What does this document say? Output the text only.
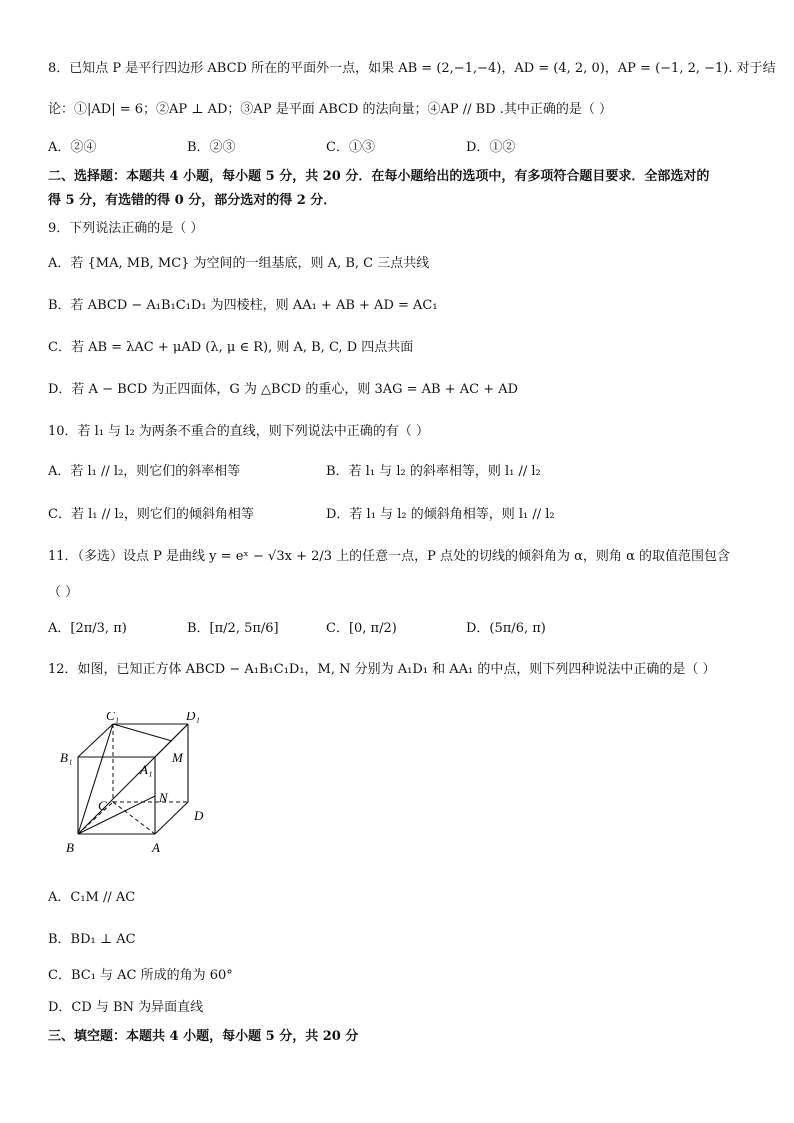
8．已知点 P 是平行四边形 ABCD 所在的平面外一点，如果 AB = (2,−1,−4)，AD = (4, 2, 0)，AP = (−1, 2, −1). 对于结
论：①|AD| = 6；②AP ⊥ AD；③AP 是平面 ABCD 的法向量；④AP // BD .其中正确的是（ ）
A．②④	B．②③	C．①③	D．①②
二、选择题：本题共 4 小题，每小题 5 分，共 20 分．在每小题给出的选项中，有多项符合题目要求．全部选对的
得 5 分，有选错的得 0 分，部分选对的得 2 分．
9．下列说法正确的是（ ）
A．若 {MA, MB, MC} 为空间的一组基底，则 A, B, C 三点共线
B．若 ABCD − A₁B₁C₁D₁ 为四棱柱，则 AA₁ + AB + AD = AC₁
C．若 AB = λAC + μAD (λ, μ ∈ R), 则 A, B, C, D 四点共面
D．若 A − BCD 为正四面体，G 为 △BCD 的重心，则 3AG = AB + AC + AD
10．若 l₁ 与 l₂ 为两条不重合的直线，则下列说法中正确的有（ ）
A．若 l₁ // l₂，则它们的斜率相等	B．若 l₁ 与 l₂ 的斜率相等，则 l₁ // l₂
C．若 l₁ // l₂，则它们的倾斜角相等	D．若 l₁ 与 l₂ 的倾斜角相等，则 l₁ // l₂
11．（多选）设点 P 是曲线 y = eˣ − √3x + 2/3 上的任意一点，P 点处的切线的倾斜角为 α，则角 α 的取值范围包含
（ ）
A．[2π/3, π)	B．[π/2, 5π/6]	C．[0, π/2)	D．(5π/6, π)
12．如图，已知正方体 ABCD − A₁B₁C₁D₁，M, N 分别为 A₁D₁ 和 AA₁ 的中点，则下列四种说法中正确的是（ ）
C₁	D₁
B₁
A₁
M
N
C
D
B	A
A．C₁M // AC
B．BD₁ ⊥ AC
C．BC₁ 与 AC 所成的角为 60°
D．CD 与 BN 为异面直线
三、填空题：本题共 4 小题，每小题 5 分，共 20 分
